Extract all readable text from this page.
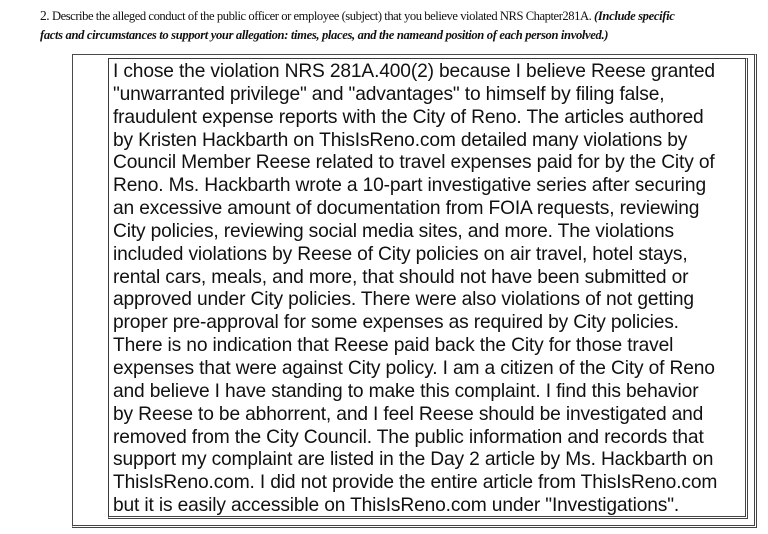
2. Describe the alleged conduct of the public officer or employee (subject) that you believe violated NRS Chapter281A. (Include specific
facts and circumstances to support your allegation: times, places, and the nameand position of each person involved.)
I chose the violation NRS 281A.400(2) because I believe Reese granted
"unwarranted privilege" and "advantages" to himself by filing false,
fraudulent expense reports with the City of Reno. The articles authored
by Kristen Hackbarth on ThisIsReno.com detailed many violations by
Council Member Reese related to travel expenses paid for by the City of
Reno. Ms. Hackbarth wrote a 10-part investigative series after securing
an excessive amount of documentation from FOIA requests, reviewing
City policies, reviewing social media sites, and more. The violations
included violations by Reese of City policies on air travel, hotel stays,
rental cars, meals, and more, that should not have been submitted or
approved under City policies. There were also violations of not getting
proper pre-approval for some expenses as required by City policies.
There is no indication that Reese paid back the City for those travel
expenses that were against City policy. I am a citizen of the City of Reno
and believe I have standing to make this complaint. I find this behavior
by Reese to be abhorrent, and I feel Reese should be investigated and
removed from the City Council. The public information and records that
support my complaint are listed in the Day 2 article by Ms. Hackbarth on
ThisIsReno.com. I did not provide the entire article from ThisIsReno.com
but it is easily accessible on ThisIsReno.com under "Investigations".
